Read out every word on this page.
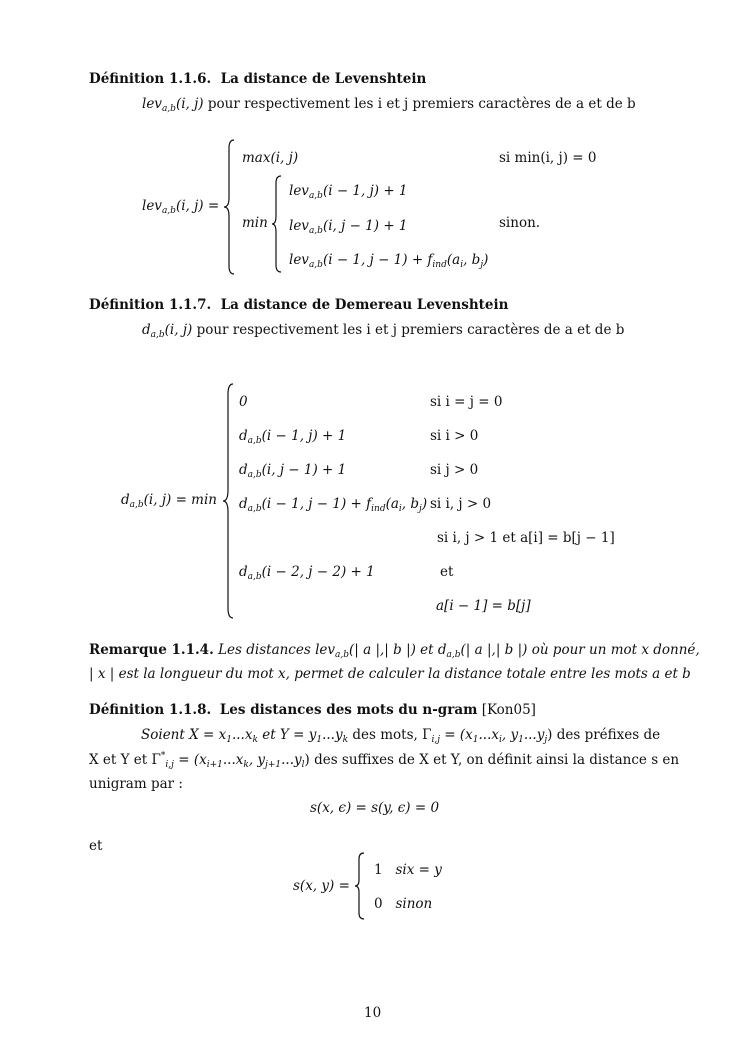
Définition 1.1.6. La distance de Levenshtein
lev$_{a,b}$(i, j) pour respectivement les i et j premiers caractères de a et de b
lev$_{a,b}$(i, j) =
max(i, j)	si min(i, j) = 0
min
lev$_{a,b}$(i − 1, j) + 1
lev$_{a,b}$(i, j − 1) + 1
lev$_{a,b}$(i − 1, $j - 1) + f_{ind}(a_i$, $b_j$)
sinon.
Définition 1.1.7. La distance de Demereau Levenshtein
$d_{a,b}(i$, j) pour respectivement les i et j premiers caractères de a et de b
$d_{a,b}(i$, j) = min
0	si i = j = 0
$d_{a,b}(i - 1$, j) + 1	si i > 0
$d_{a,b}(i$, j − 1) + 1	si j > 0
$d_{a,b}(i - 1$, $j - 1) + f_{ind}(a_i$, $b_j$) si i, j > 0
si i, j > 1 et a[i] = b[j − 1]
$d_{a,b}(i - 2$, j − 2) + 1	et
a[i − 1] = b[j]
Remarque 1.1.4. Les distances lev$_{a,b}$(| a |,| b |) et $d_{a,b}(|$ a |,| b |) où pour un mot x donné,
| x | est la longueur du mot x, permet de calculer la distance totale entre les mots a et b
Définition 1.1.8. Les distances des mots du n-gram [Kon05]
Soient $X = x_1...x_k$ et $Y = y_1...y_k$ des mots, $\Gamma_{i,j} = (x_1...x_i$, $y_1...y_j$) des préfixes de
X et Y et $\Gamma^*_{i,j} = (x_{i+1}...x_k$, $y_{j+1}...y_l$) des suffixes de X et Y, on définit ainsi la distance s en
unigram par :
s(x, ϵ) = s(y, ϵ) = 0
et
s(x, y) =
1 six = y
0 sinon
10
